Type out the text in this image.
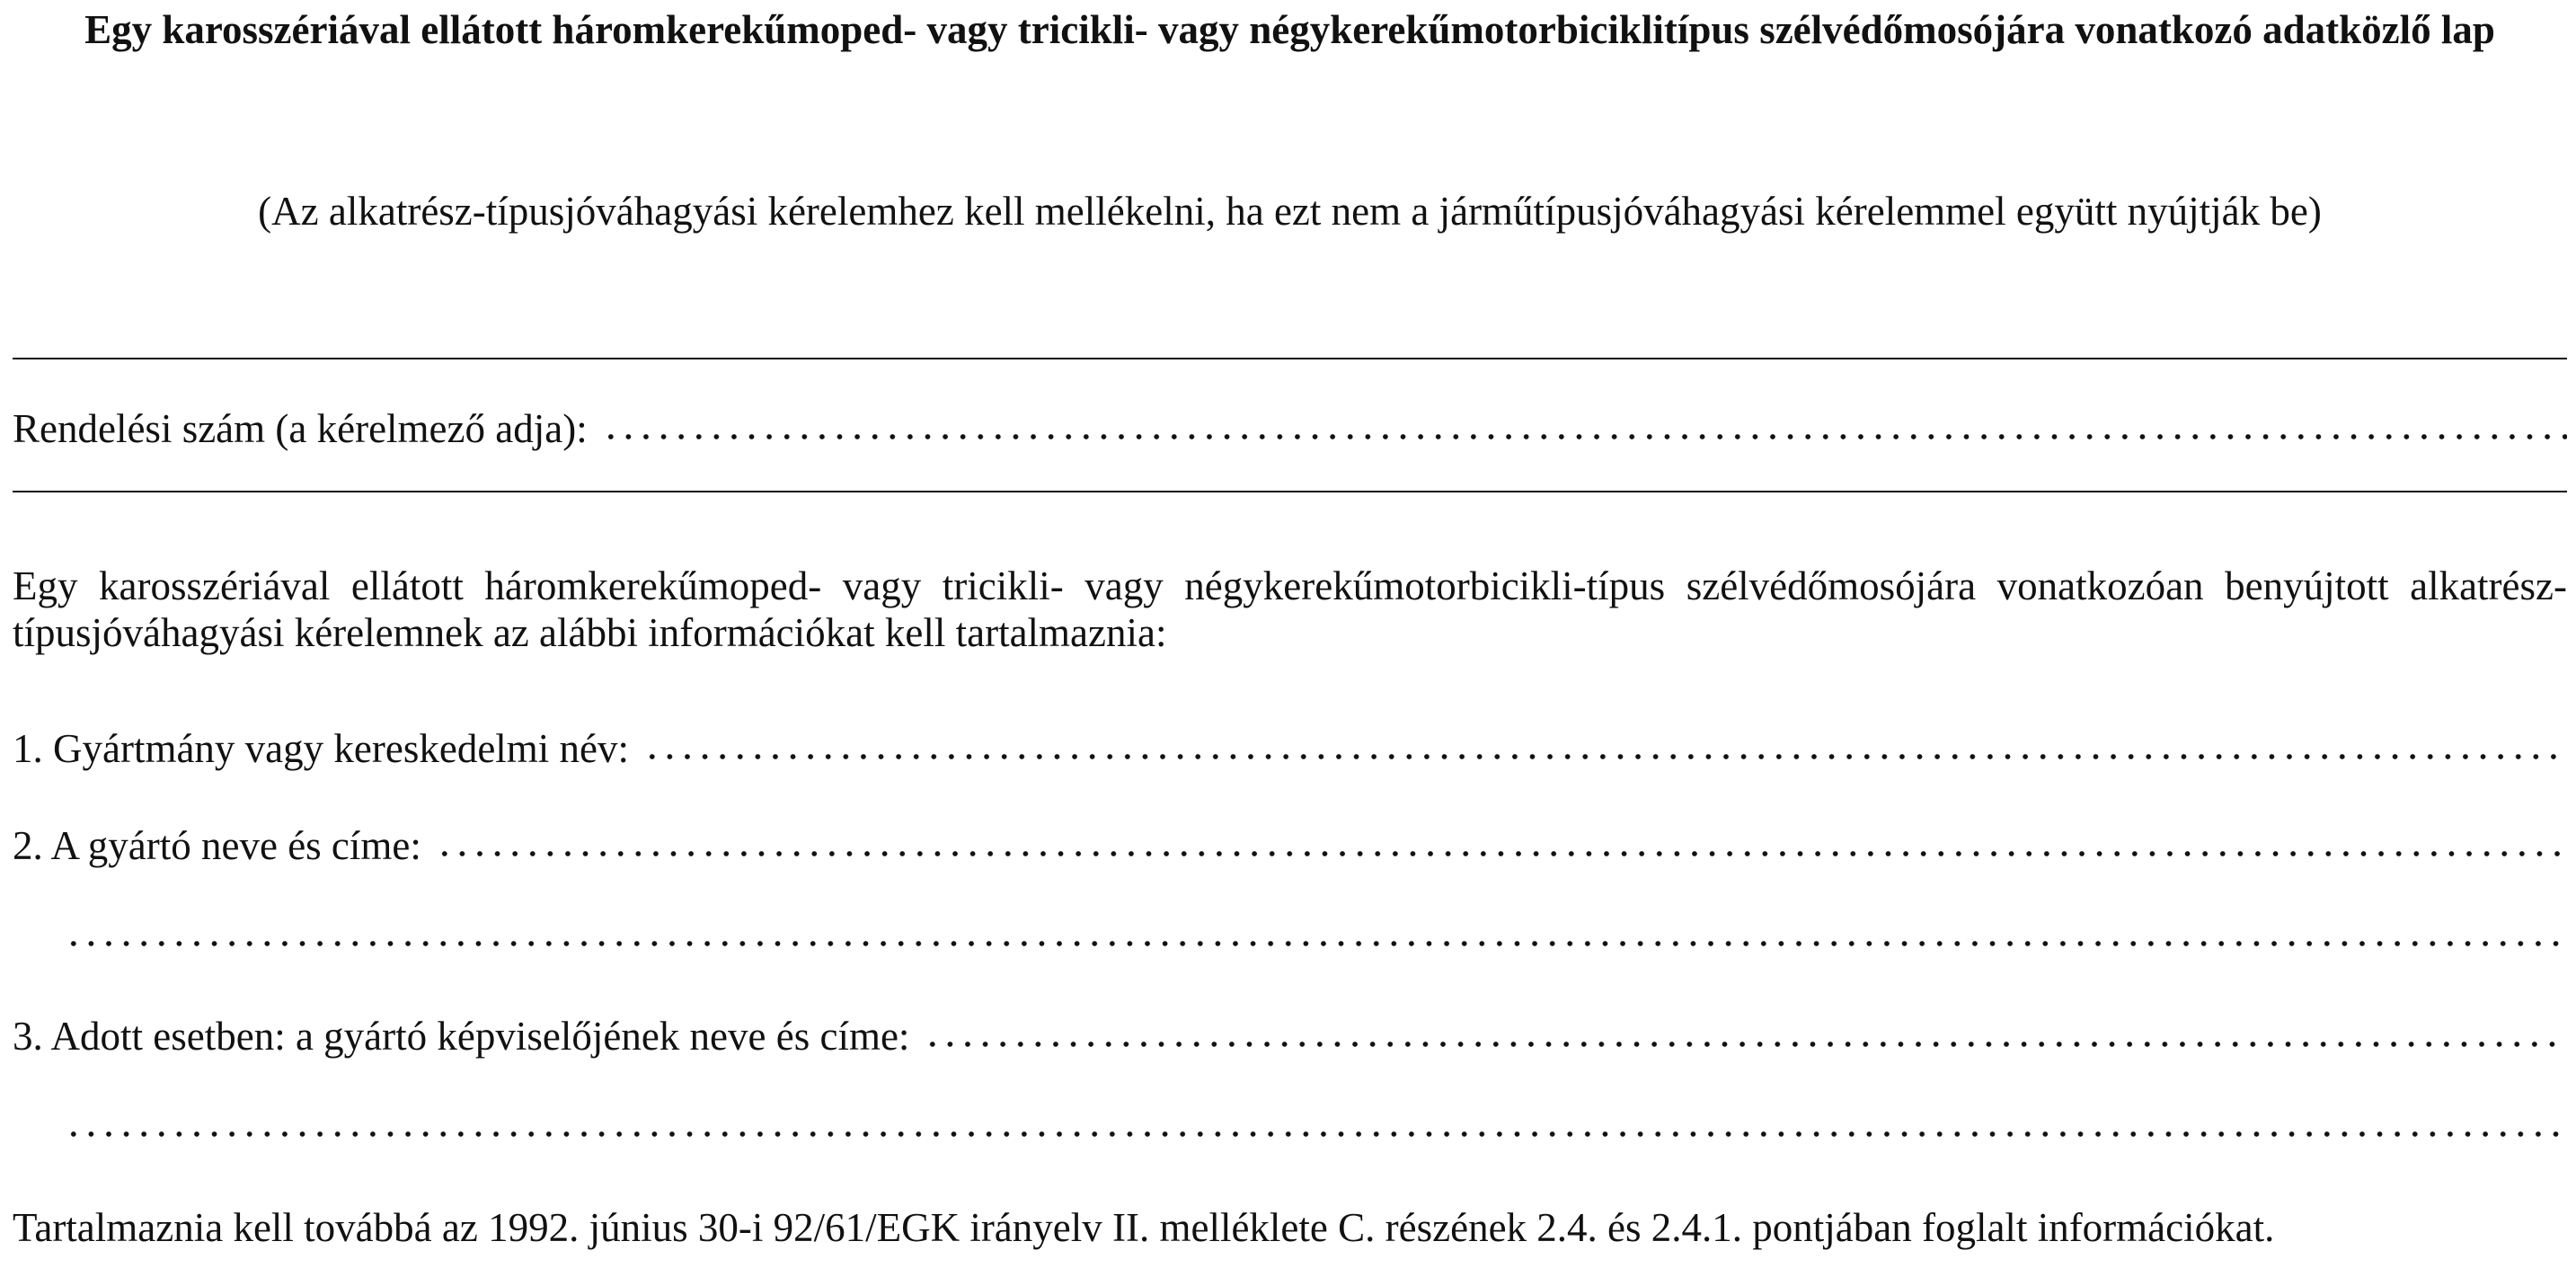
Egy karosszériával ellátott háromkerekűmoped- vagy tricikli- vagy négykerekűmotorbiciklitípus szélvédőmosójára vonatkozó adatközlő lap

(Az alkatrész-típusjóváhagyási kérelemhez kell mellékelni, ha ezt nem a járműtípusjóváhagyási kérelemmel együtt nyújtják be)

Rendelési szám (a kérelmező adja):

Egy karosszériával ellátott háromkerekűmoped- vagy tricikli- vagy négykerekűmotorbicikli-típus szélvédőmosójára vonatkozóan benyújtott alkatrész-típusjóváhagyási kérelemnek az alábbi információkat kell tartalmaznia:

1. Gyártmány vagy kereskedelmi név:
2. A gyártó neve és címe:
3. Adott esetben: a gyártó képviselőjének neve és címe:

Tartalmaznia kell továbbá az 1992. június 30-i 92/61/EGK irányelv II. melléklete C. részének 2.4. és 2.4.1. pontjában foglalt információkat.
